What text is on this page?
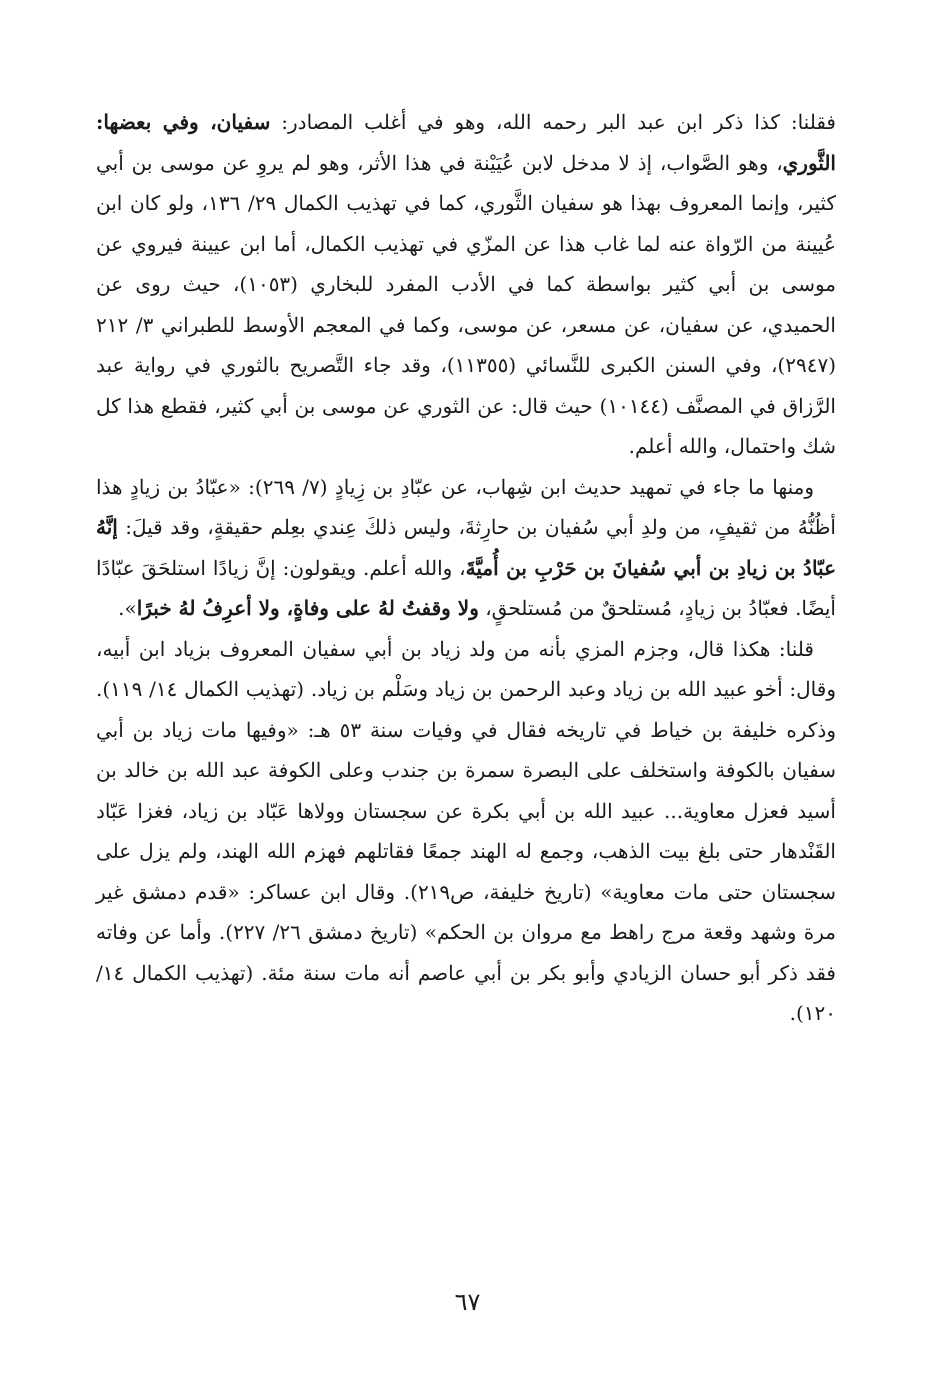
فقلنا: كذا ذكر ابن عبد البر رحمه الله، وهو في أغلب المصادر: سفيان، وفي بعضها: الثَّوري، وهو الصَّواب، إذ لا مدخل لابن عُيَيْنة في هذا الأثر، وهو لم يروِ عن موسى بن أبي كثير، وإنما المعروف بهذا هو سفيان الثَّوري، كما في تهذيب الكمال ٢٩/ ١٣٦، ولو كان ابن عُيينة من الرّواة عنه لما غاب هذا عن المزّي في تهذيب الكمال، أما ابن عيينة فيروي عن موسى بن أبي كثير بواسطة كما في الأدب المفرد للبخاري (١٠٥٣)، حيث روى عن الحميدي، عن سفيان، عن مسعر، عن موسى، وكما في المعجم الأوسط للطبراني ٣/ ٢١٢ (٢٩٤٧)، وفي السنن الكبرى للنَّسائي (١١٣٥٥)، وقد جاء التَّصريح بالثوري في رواية عبد الرَّزاق في المصنَّف (١٠١٤٤) حيث قال: عن الثوري عن موسى بن أبي كثير، فقطع هذا كل شك واحتمال، والله أعلم.

ومنها ما جاء في تمهيد حديث ابن شِهاب، عن عبّادِ بن زِيادٍ (٧/ ٢٦٩): «عبّادُ بن زيادٍ هذا أظُنُّهُ من ثقيفٍ، من ولدِ أبي سُفيان بن حارِثةَ، وليس ذلكَ عِندي بعِلم حقيقةٍ، وقد قيلَ: إنَّهُ عبّادُ بن زيادِ بن أبي سُفيانَ بن حَرْبِ بن أُميَّةَ، والله أعلم. ويقولون: إنَّ زيادًا استلحَقَ عبّادًا أيضًا. فعبّادُ بن زيادٍ، مُستلحقٌ من مُستلحقٍ، ولا وقفتُ لهُ على وفاةٍ، ولا أعرِفُ لهُ خبرًا».

قلنا: هكذا قال، وجزم المزي بأنه من ولد زياد بن أبي سفيان المعروف بزياد ابن أبيه، وقال: أخو عبيد الله بن زياد وعبد الرحمن بن زياد وسَلْم بن زياد. (تهذيب الكمال ١٤/ ١١٩). وذكره خليفة بن خياط في تاريخه فقال في وفيات سنة ٥٣ هـ: «وفيها مات زياد بن أبي سفيان بالكوفة واستخلف على البصرة سمرة بن جندب وعلى الكوفة عبد الله بن خالد بن أسيد فعزل معاوية... عبيد الله بن أبي بكرة عن سجستان وولاها عَبّاد بن زياد، فغزا عَبّاد القَنْدهار حتى بلغ بيت الذهب، وجمع له الهند جمعًا فقاتلهم فهزم الله الهند، ولم يزل على سجستان حتى مات معاوية» (تاريخ خليفة، ص٢١٩). وقال ابن عساكر: «قدم دمشق غير مرة وشهد وقعة مرج راهط مع مروان بن الحكم» (تاريخ دمشق ٢٦/ ٢٢٧). وأما عن وفاته فقد ذكر أبو حسان الزيادي وأبو بكر بن أبي عاصم أنه مات سنة مئة. (تهذيب الكمال ١٤/ ١٢٠).

٦٧
